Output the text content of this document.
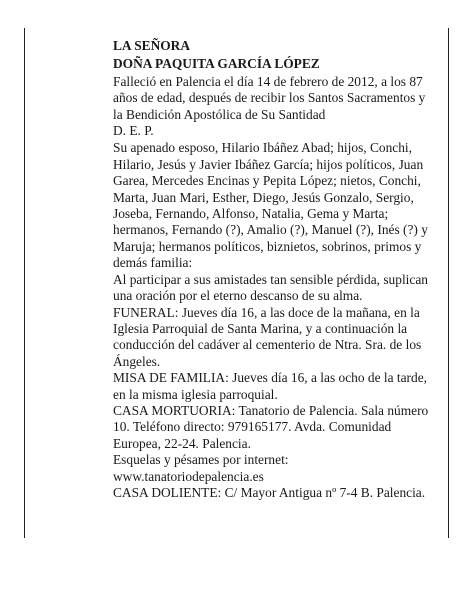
LA SEÑORA

DOÑA PAQUITA GARCÍA LÓPEZ

Falleció en Palencia el día 14 de febrero de 2012, a los 87 años de edad, después de recibir los Santos Sacramentos y la Bendición Apostólica de Su Santidad

D. E. P.

Su apenado esposo, Hilario Ibáñez Abad; hijos, Conchi, Hilario, Jesús y Javier Ibáñez García; hijos políticos, Juan Garea, Mercedes Encinas y Pepita López; nietos, Conchi, Marta, Juan Mari, Esther, Diego, Jesús Gonzalo, Sergio, Joseba, Fernando, Alfonso, Natalia, Gema y Marta; hermanos, Fernando (?), Amalio (?), Manuel (?), Inés (?) y Maruja; hermanos políticos, biznietos, sobrinos, primos y demás familia:

Al participar a sus amistades tan sensible pérdida, suplican una oración por el eterno descanso de su alma.

FUNERAL: Jueves día 16, a las doce de la mañana, en la Iglesia Parroquial de Santa Marina, y a continuación la conducción del cadáver al cementerio de Ntra. Sra. de los Ángeles.

MISA DE FAMILIA: Jueves día 16, a las ocho de la tarde, en la misma iglesia parroquial.

CASA MORTUORIA: Tanatorio de Palencia. Sala número 10. Teléfono directo: 979165177. Avda. Comunidad Europea, 22-24. Palencia.

Esquelas y pésames por internet: www.tanatoriodepalencia.es

CASA DOLIENTE: C/ Mayor Antigua nº 7-4 B. Palencia.
